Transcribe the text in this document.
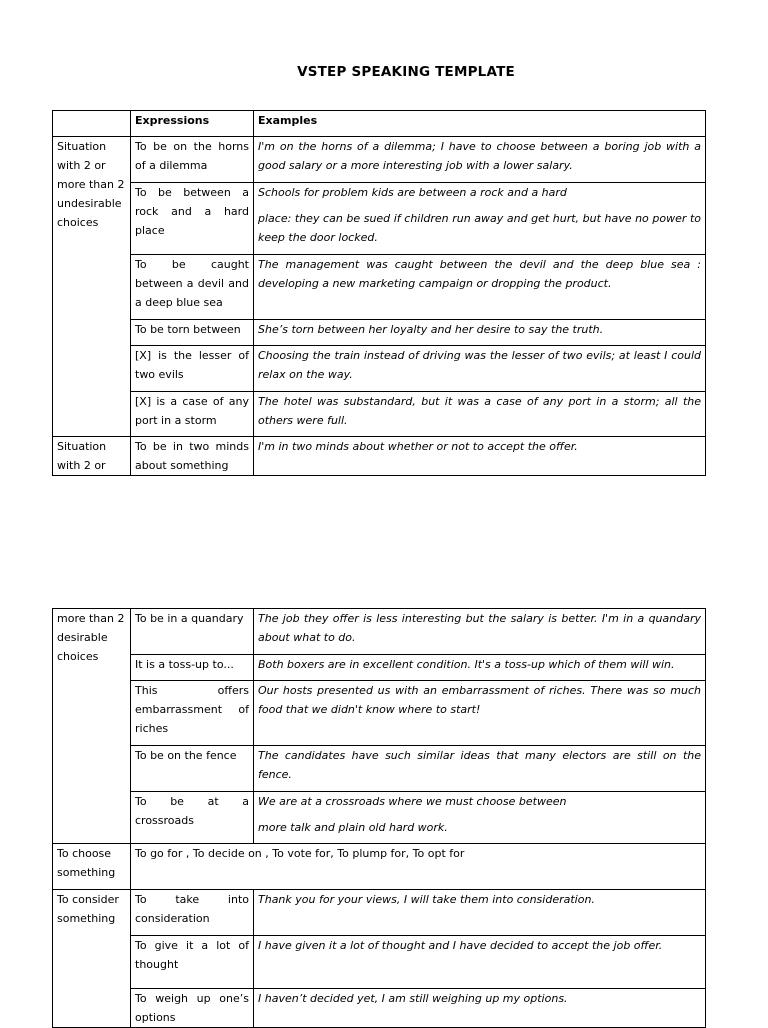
VSTEP SPEAKING TEMPLATE
	Expressions	Examples
Situation with 2 or more than 2 undesirable choices	To be on the horns of a dilemma	I'm on the horns of a dilemma; I have to choose between a boring job with a good salary or a more interesting job with a lower salary.
	To be between a rock and a hard place	Schools for problem kids are between a rock and a hard
place: they can be sued if children run away and get hurt, but have no power to keep the door locked.
	To be caught between a devil and a deep blue sea	The management was caught between the devil and the deep blue sea : developing a new marketing campaign or dropping the product.
	To be torn between	She’s torn between her loyalty and her desire to say the truth.
	[X] is the lesser of two evils	Choosing the train instead of driving was the lesser of two evils; at least I could relax on the way.
	[X] is a case of any port in a storm	The hotel was substandard, but it was a case of any port in a storm; all the others were full.
Situation with 2 or	To be in two minds about something	I'm in two minds about whether or not to accept the offer.
more than 2 desirable choices	To be in a quandary	The job they offer is less interesting but the salary is better. I'm in a quandary about what to do.
	It is a toss-up to...	Both boxers are in excellent condition. It's a toss-up which of them will win.
	This offers embarrassment of riches	Our hosts presented us with an embarrassment of riches. There was so much food that we didn't know where to start!
	To be on the fence	The candidates have such similar ideas that many electors are still on the fence.
	To be at a crossroads	We are at a crossroads where we must choose between
more talk and plain old hard work.
To choose something	To go for , To decide on , To vote for, To plump for, To opt for	
To consider something	To take into consideration	Thank you for your views, I will take them into consideration.
	To give it a lot of thought	I have given it a lot of thought and I have decided to accept the job offer.
	To weigh up one’s options	I haven’t decided yet, I am still weighing up my options.
